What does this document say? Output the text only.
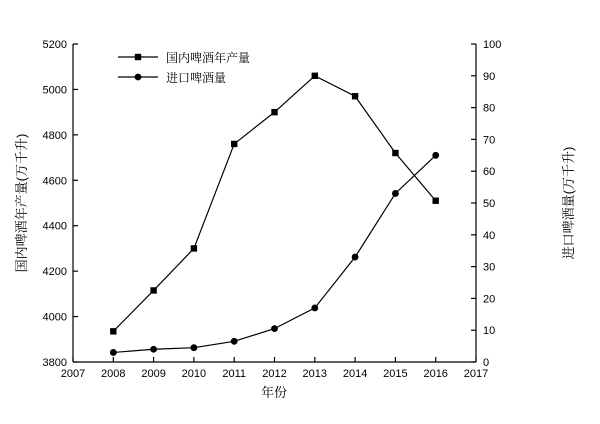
2007 2008 2009 2010 2011 2012 2013 2014 2015 2016 2017
3800
4000
4200
4400
4600
4800
5000
5200
0
10
20
30
40
50
60
70
80
90
100
年份
国内啤酒年产量(万千升)	进口啤酒量(万千升)
国内啤酒年产量
进口啤酒量
